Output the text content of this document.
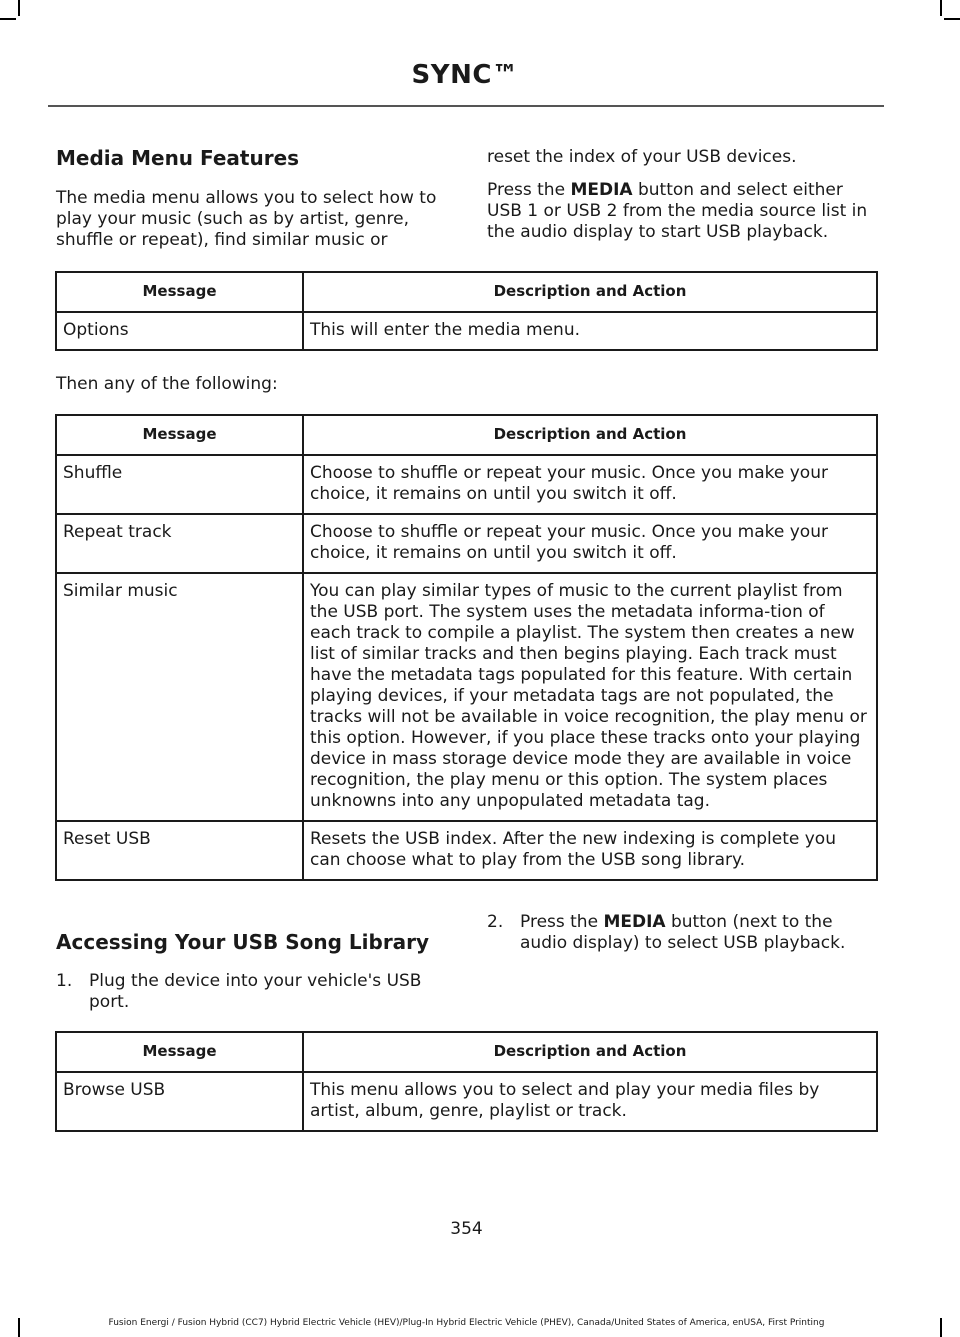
SYNC™
Media Menu Features

The media menu allows you to select how to play your music (such as by artist, genre, shuffle or repeat), find similar music or

reset the index of your USB devices.

Press the MEDIA button and select either USB 1 or USB 2 from the media source list in the audio display to start USB playback.

Message	Description and Action
Options	This will enter the media menu.

Then any of the following:

Message	Description and Action
Shuffle	Choose to shuffle or repeat your music. Once you make your choice, it remains on until you switch it off.
Repeat track	Choose to shuffle or repeat your music. Once you make your choice, it remains on until you switch it off.
Similar music	You can play similar types of music to the current playlist from the USB port. The system uses the metadata informa-tion of each track to compile a playlist. The system then creates a new list of similar tracks and then begins playing. Each track must have the metadata tags populated for this feature. With certain playing devices, if your metadata tags are not populated, the tracks will not be available in voice recognition, the play menu or this option. However, if you place these tracks onto your playing device in mass storage device mode they are available in voice recognition, the play menu or this option. The system places unknowns into any unpopulated metadata tag.
Reset USB	Resets the USB index. After the new indexing is complete you can choose what to play from the USB song library.
Accessing Your USB Song Library
1. Plug the device into your vehicle's USB port.
2. Press the MEDIA button (next to the audio display) to select USB playback.
Message	Description and Action
Browse USB	This menu allows you to select and play your media files by artist, album, genre, playlist or track.
354
Fusion Energi / Fusion Hybrid (CC7) Hybrid Electric Vehicle (HEV)/Plug-In Hybrid Electric Vehicle (PHEV), Canada/United States of America, enUSA, First Printing
